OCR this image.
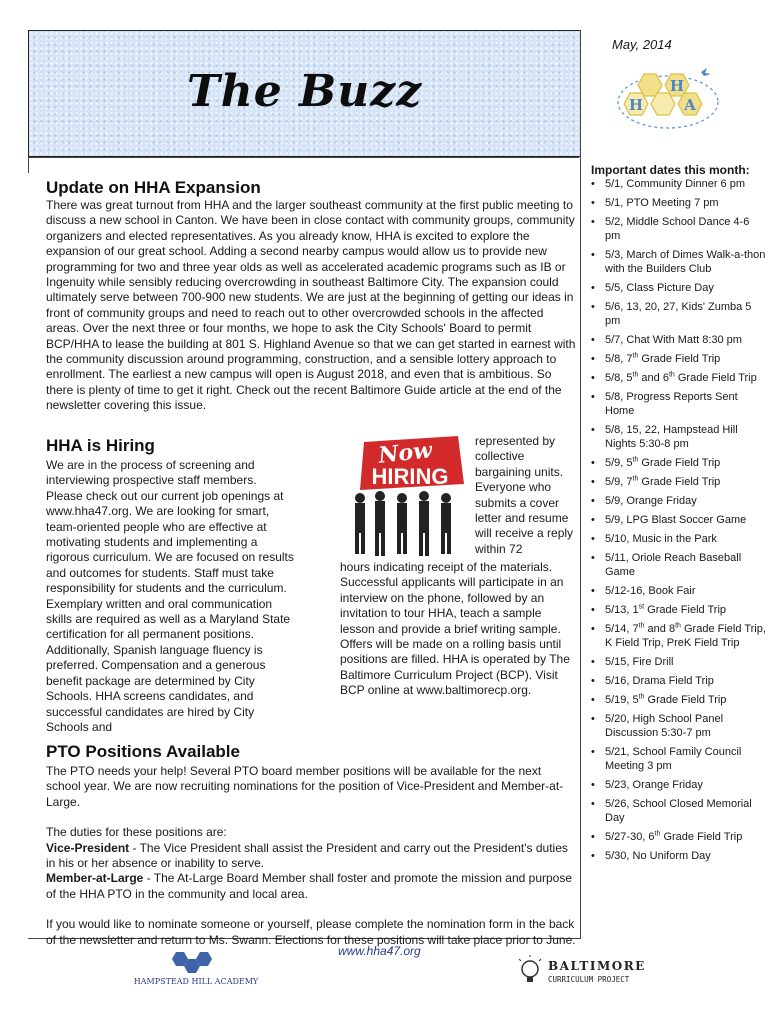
The Buzz
May, 2014
H
H
A
Important dates this month:
• 5/1, Community Dinner 6 pm
• 5/1, PTO Meeting 7 pm
• 5/2, Middle School Dance 4-6 pm
• 5/3, March of Dimes Walk-a-thon with the Builders Club
• 5/5, Class Picture Day
• 5/6, 13, 20, 27, Kids' Zumba 5 pm
• 5/7, Chat With Matt 8:30 pm
• 5/8, 7th Grade Field Trip
• 5/8, 5th and 6th Grade Field Trip
• 5/8, Progress Reports Sent Home
• 5/8, 15, 22, Hampstead Hill Nights 5:30-8 pm
• 5/9, 5th Grade Field Trip
• 5/9, 7th Grade Field Trip
• 5/9, Orange Friday
• 5/9, LPG Blast Soccer Game
• 5/10, Music in the Park
• 5/11, Oriole Reach Baseball Game
• 5/12-16, Book Fair
• 5/13, 1st Grade Field Trip
• 5/14, 7th and 8th Grade Field Trip, K Field Trip, PreK Field Trip
• 5/15, Fire Drill
• 5/16, Drama Field Trip
• 5/19, 5th Grade Field Trip
• 5/20, High School Panel Discussion 5:30-7 pm
• 5/21, School Family Council Meeting 3 pm
• 5/23, Orange Friday
• 5/26, School Closed Memorial Day
• 5/27-30, 6th Grade Field Trip
• 5/30, No Uniform Day
Update on HHA Expansion
There was great turnout from HHA and the larger southeast community at the first public meeting to discuss a new school in Canton. We have been in close contact with community groups, community organizers and elected representatives. As you already know, HHA is excited to explore the expansion of our great school. Adding a second nearby campus would allow us to provide new programming for two and three year olds as well as accelerated academic programs such as IB or Ingenuity while sensibly reducing overcrowding in southeast Baltimore City. The expansion could ultimately serve between 700-900 new students. We are just at the beginning of getting our ideas in front of community groups and need to reach out to other overcrowded schools in the affected areas. Over the next three or four months, we hope to ask the City Schools' Board to permit BCP/HHA to lease the building at 801 S. Highland Avenue so that we can get started in earnest with the community discussion around programming, construction, and a sensible lottery approach to enrollment. The earliest a new campus will open is August 2018, and even that is ambitious. So there is plenty of time to get it right. Check out the recent Baltimore Guide article at the end of the newsletter covering this issue.
HHA is Hiring
We are in the process of screening and interviewing prospective staff members. Please check out our current job openings at www.hha47.org. We are looking for smart, team-oriented people who are effective at motivating students and implementing a rigorous curriculum. We are focused on results and outcomes for students. Staff must take responsibility for students and the curriculum. Exemplary written and oral communication skills are required as well as a Maryland State certification for all permanent positions. Additionally, Spanish language fluency is preferred. Compensation and a generous benefit package are determined by City Schools. HHA screens candidates, and successful candidates are hired by City Schools and
Now
HIRING
represented by collective bargaining units. Everyone who submits a cover letter and resume will receive a reply within 72
hours indicating receipt of the materials. Successful applicants will participate in an interview on the phone, followed by an invitation to tour HHA, teach a sample lesson and provide a brief writing sample. Offers will be made on a rolling basis until positions are filled. HHA is operated by The Baltimore Curriculum Project (BCP). Visit BCP online at www.baltimorecp.org.
PTO Positions Available

The PTO needs your help! Several PTO board member positions will be available for the next school year. We are now recruiting nominations for the position of Vice-President and Member-at-Large.

The duties for these positions are:

Vice-President - The Vice President shall assist the President and carry out the President's duties in his or her absence or inability to serve.

Member-at-Large - The At-Large Board Member shall foster and promote the mission and purpose of the HHA PTO in the community and local area.

If you would like to nominate someone or yourself, please complete the nomination form in the back of the newsletter and return to Ms. Swann. Elections for these positions will take place prior to June.

www.hha47.org
HAMPSTEAD HILL ACADEMY
BALTIMORE
CURRICULUM PROJECT
